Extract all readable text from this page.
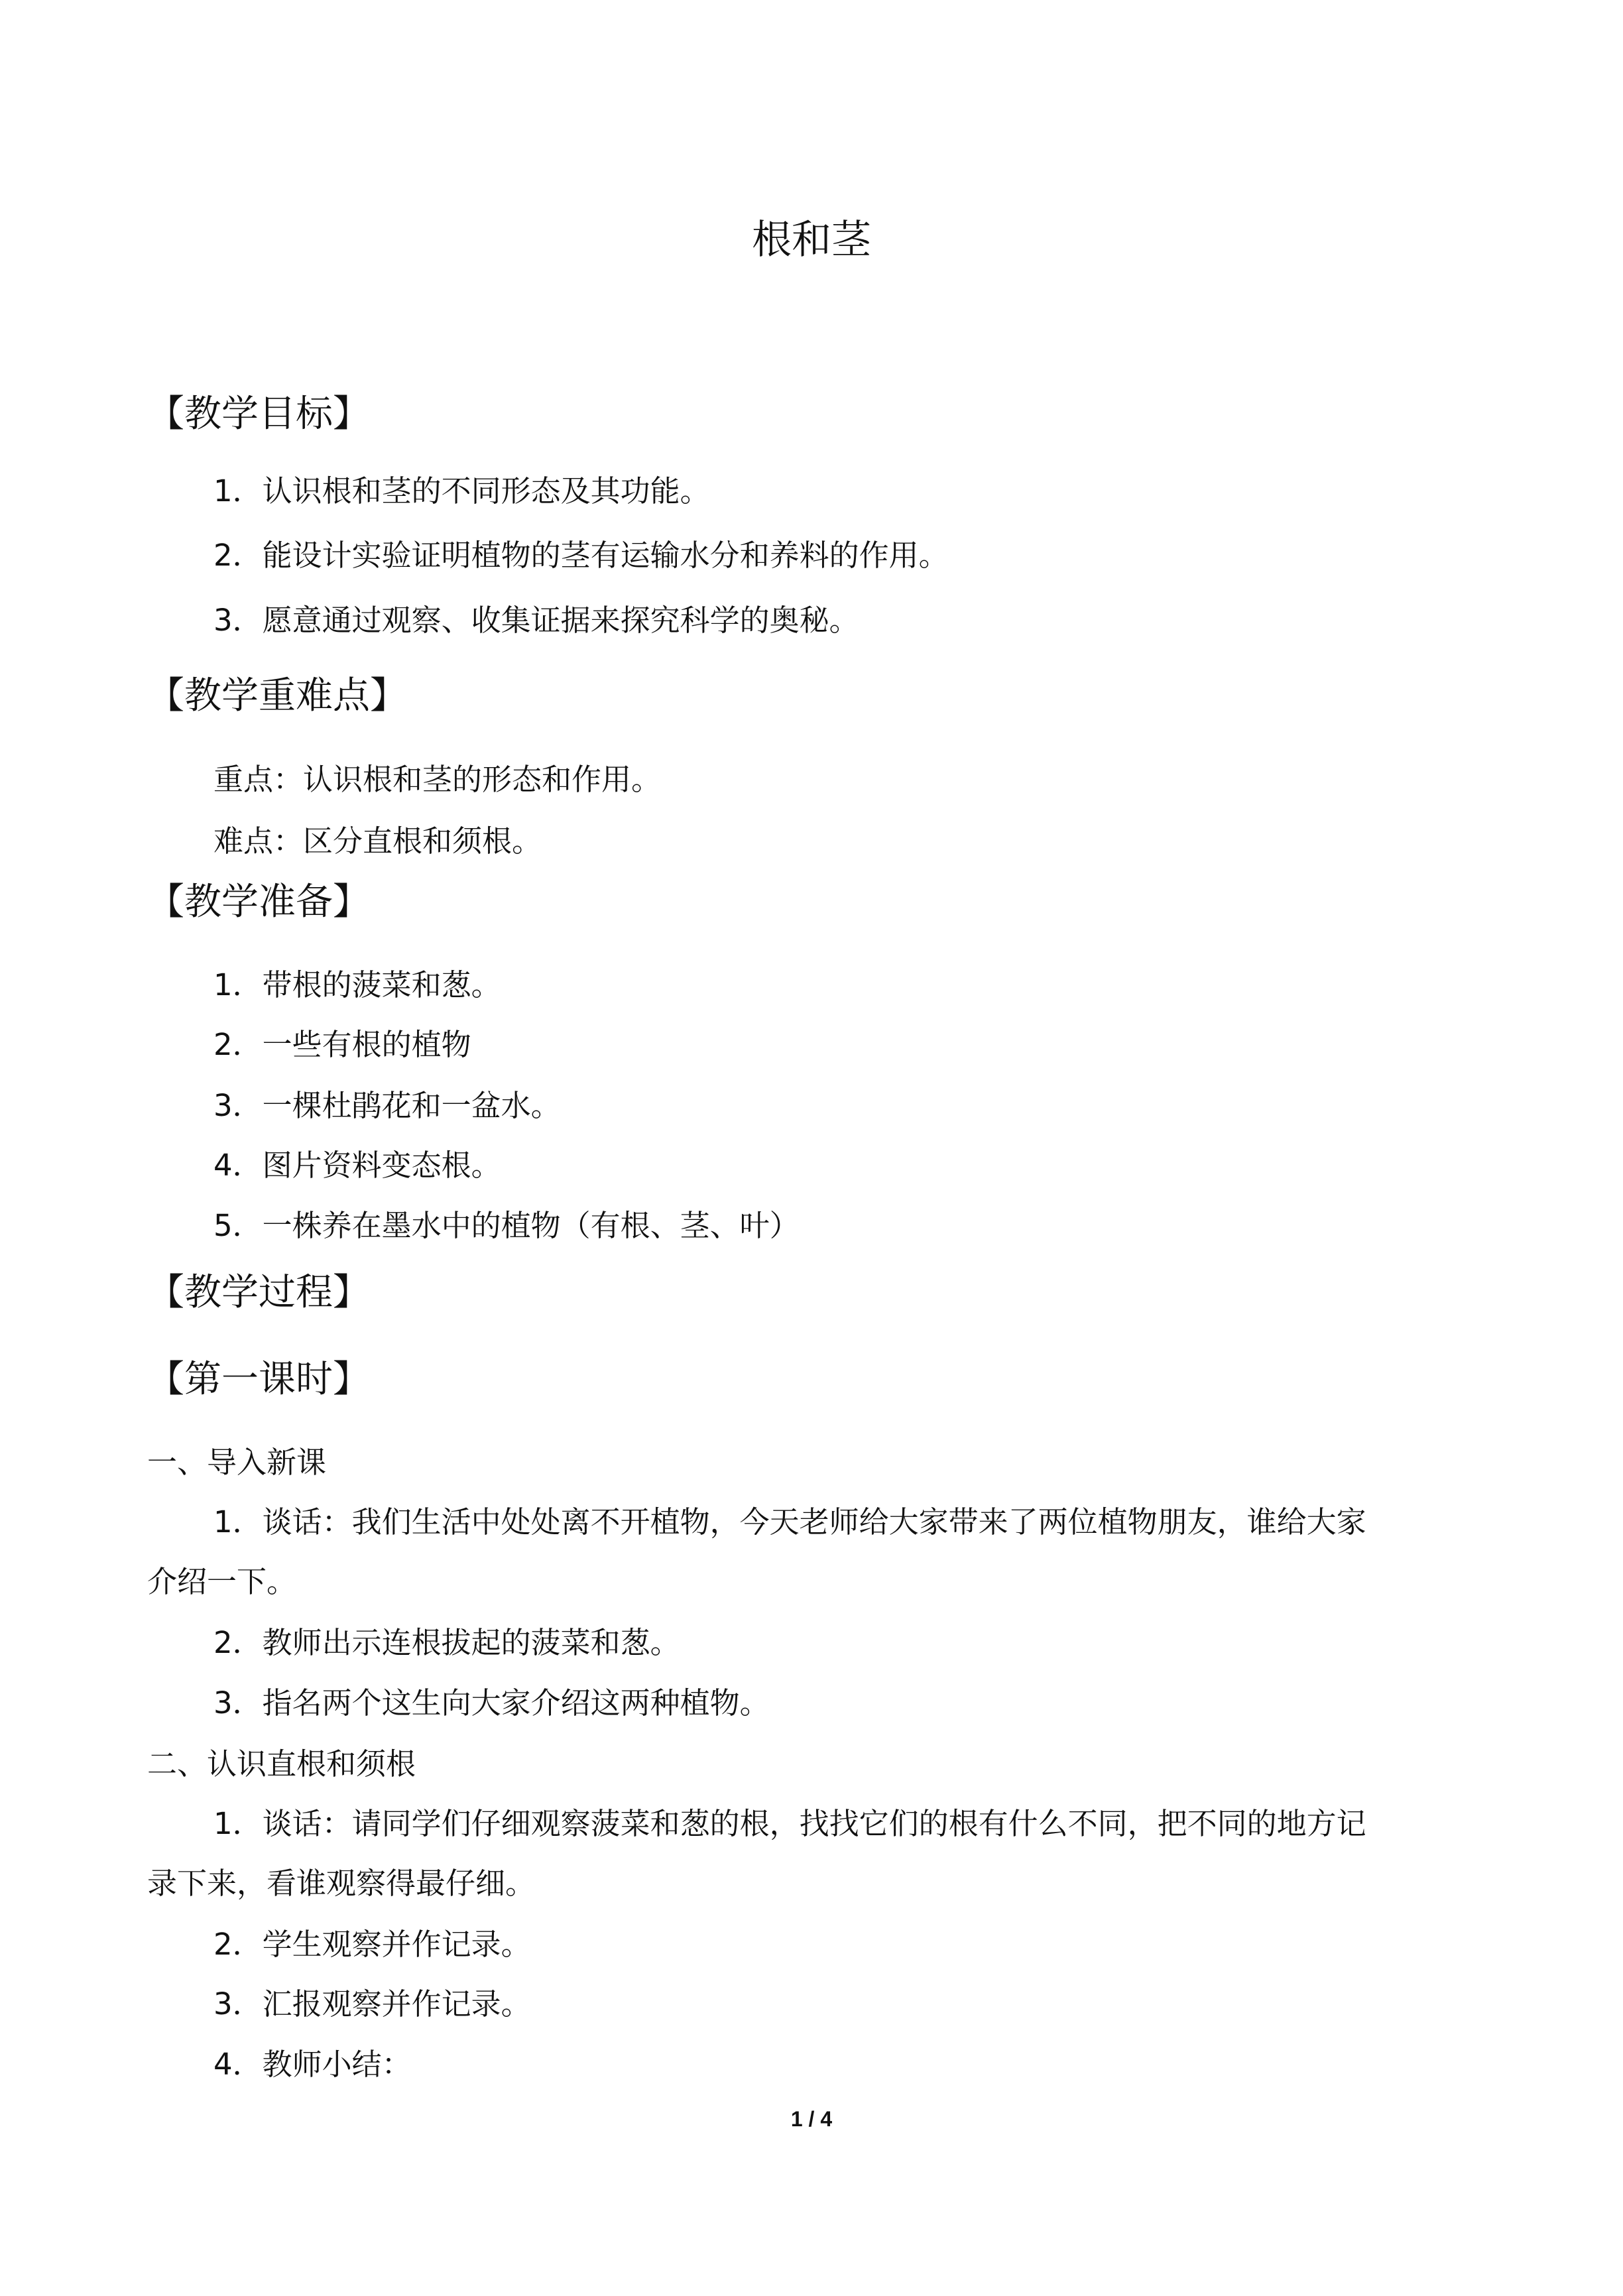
根和茎
【教学目标】
1．认识根和茎的不同形态及其功能。
2．能设计实验证明植物的茎有运输水分和养料的作用。
3．愿意通过观察、收集证据来探究科学的奥秘。
【教学重难点】
重点：认识根和茎的形态和作用。
难点：区分直根和须根。
【教学准备】
1．带根的菠菜和葱。
2．一些有根的植物
3．一棵杜鹃花和一盆水。
4．图片资料变态根。
5．一株养在墨水中的植物（有根、茎、叶）
【教学过程】
【第一课时】
一、导入新课
1．谈话：我们生活中处处离不开植物，今天老师给大家带来了两位植物朋友，谁给大家
介绍一下。
2．教师出示连根拔起的菠菜和葱。
3．指名两个这生向大家介绍这两种植物。
二、认识直根和须根
1．谈话：请同学们仔细观察菠菜和葱的根，找找它们的根有什么不同，把不同的地方记
录下来，看谁观察得最仔细。
2．学生观察并作记录。
3．汇报观察并作记录。
4．教师小结：
1 / 4
